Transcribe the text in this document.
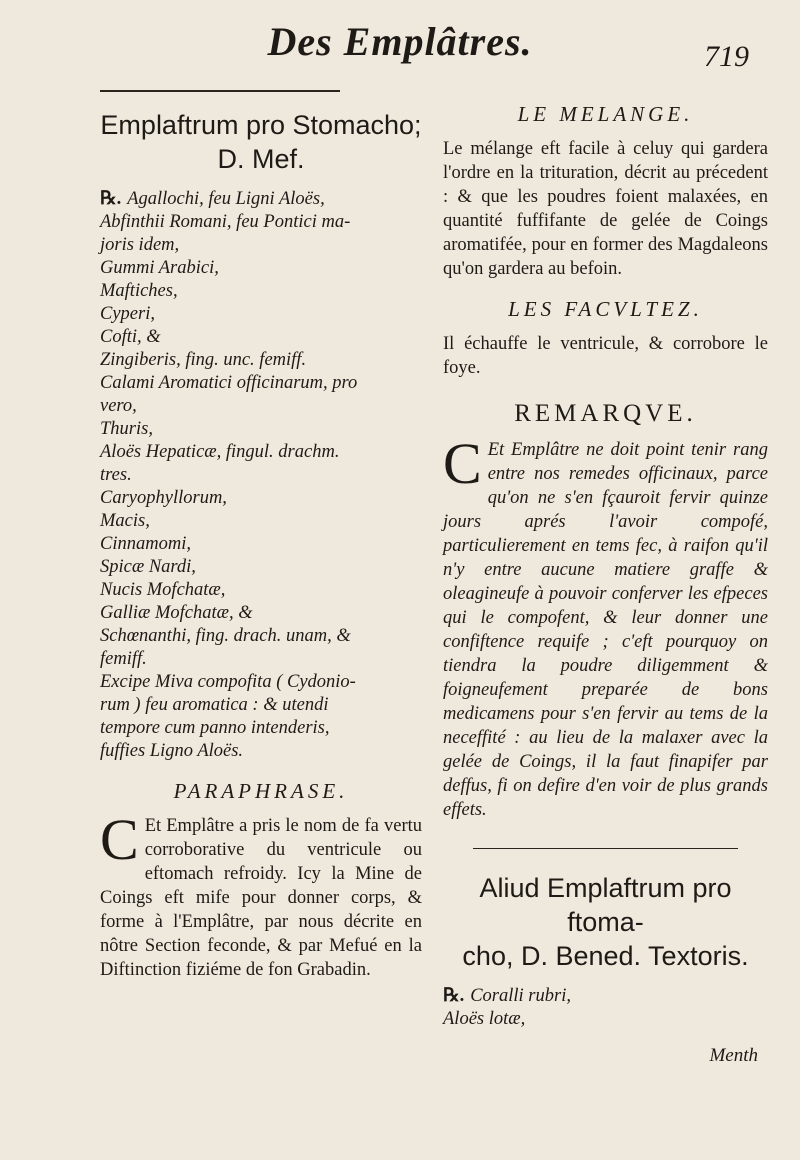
Des Emplâtres.	719
Emplaftrum pro Stomacho;
D. Mef.
℞. Agallochi, feu Ligni Aloës,
Abfinthii Romani, feu Pontici ma-
joris idem,
Gummi Arabici,
Maftiches,
Cyperi,
Cofti, &
Zingiberis, fing. unc. femiff.
Calami Aromatici officinarum, pro
vero,
Thuris,
Aloës Hepaticæ, fingul. drachm.
tres.
Caryophyllorum,
Macis,
Cinnamomi,
Spicæ Nardi,
Nucis Mofchatæ,
Galliæ Mofchatæ, &
Schœnanthi, fing. drach. unam, &
femiff.
Excipe Miva compofita ( Cydonio-
rum ) feu aromatica : & utendi
tempore cum panno intenderis,
fuffies Ligno Aloës.
PARAPHRASE.
C Et Emplâtre a pris le nom de fa vertu corroborative du ventricule ou eftomach refroidy. Icy la Mine de Coings eft mife pour donner corps, & forme à l'Emplâtre, par nous décrite en nôtre Section feconde, & par Mefué en la Diftinction fiziéme de fon Grabadin.
LE MELANGE.
Le mélange eft facile à celuy qui gardera l'ordre en la trituration, décrit au précedent : & que les poudres foient malaxées, en quantité fuffifante de gelée de Coings aromatifée, pour en former des Magdaleons qu'on gardera au befoin.
LES FACVLTEZ.
Il échauffe le ventricule, & corrobore le foye.
REMARQVE.
C Et Emplâtre ne doit point tenir rang entre nos remedes officinaux, parce qu'on ne s'en fçauroit fervir quinze jours aprés l'avoir compofé, particulierement en tems fec, à raifon qu'il n'y entre aucune matiere graffe & oleagineufe à pouvoir conferver les efpeces qui le compofent, & leur donner une confiftence requife ; c'eft pourquoy on tiendra la poudre diligemment & foigneufement preparée de bons medicamens pour s'en fervir au tems de la neceffité : au lieu de la malaxer avec la gelée de Coings, il la faut finapifer par deffus, fi on defire d'en voir de plus grands effets.
Aliud Emplaftrum pro ftoma-
cho, D. Bened. Textoris.
℞. Coralli rubri,
Aloës lotæ,
Menth
